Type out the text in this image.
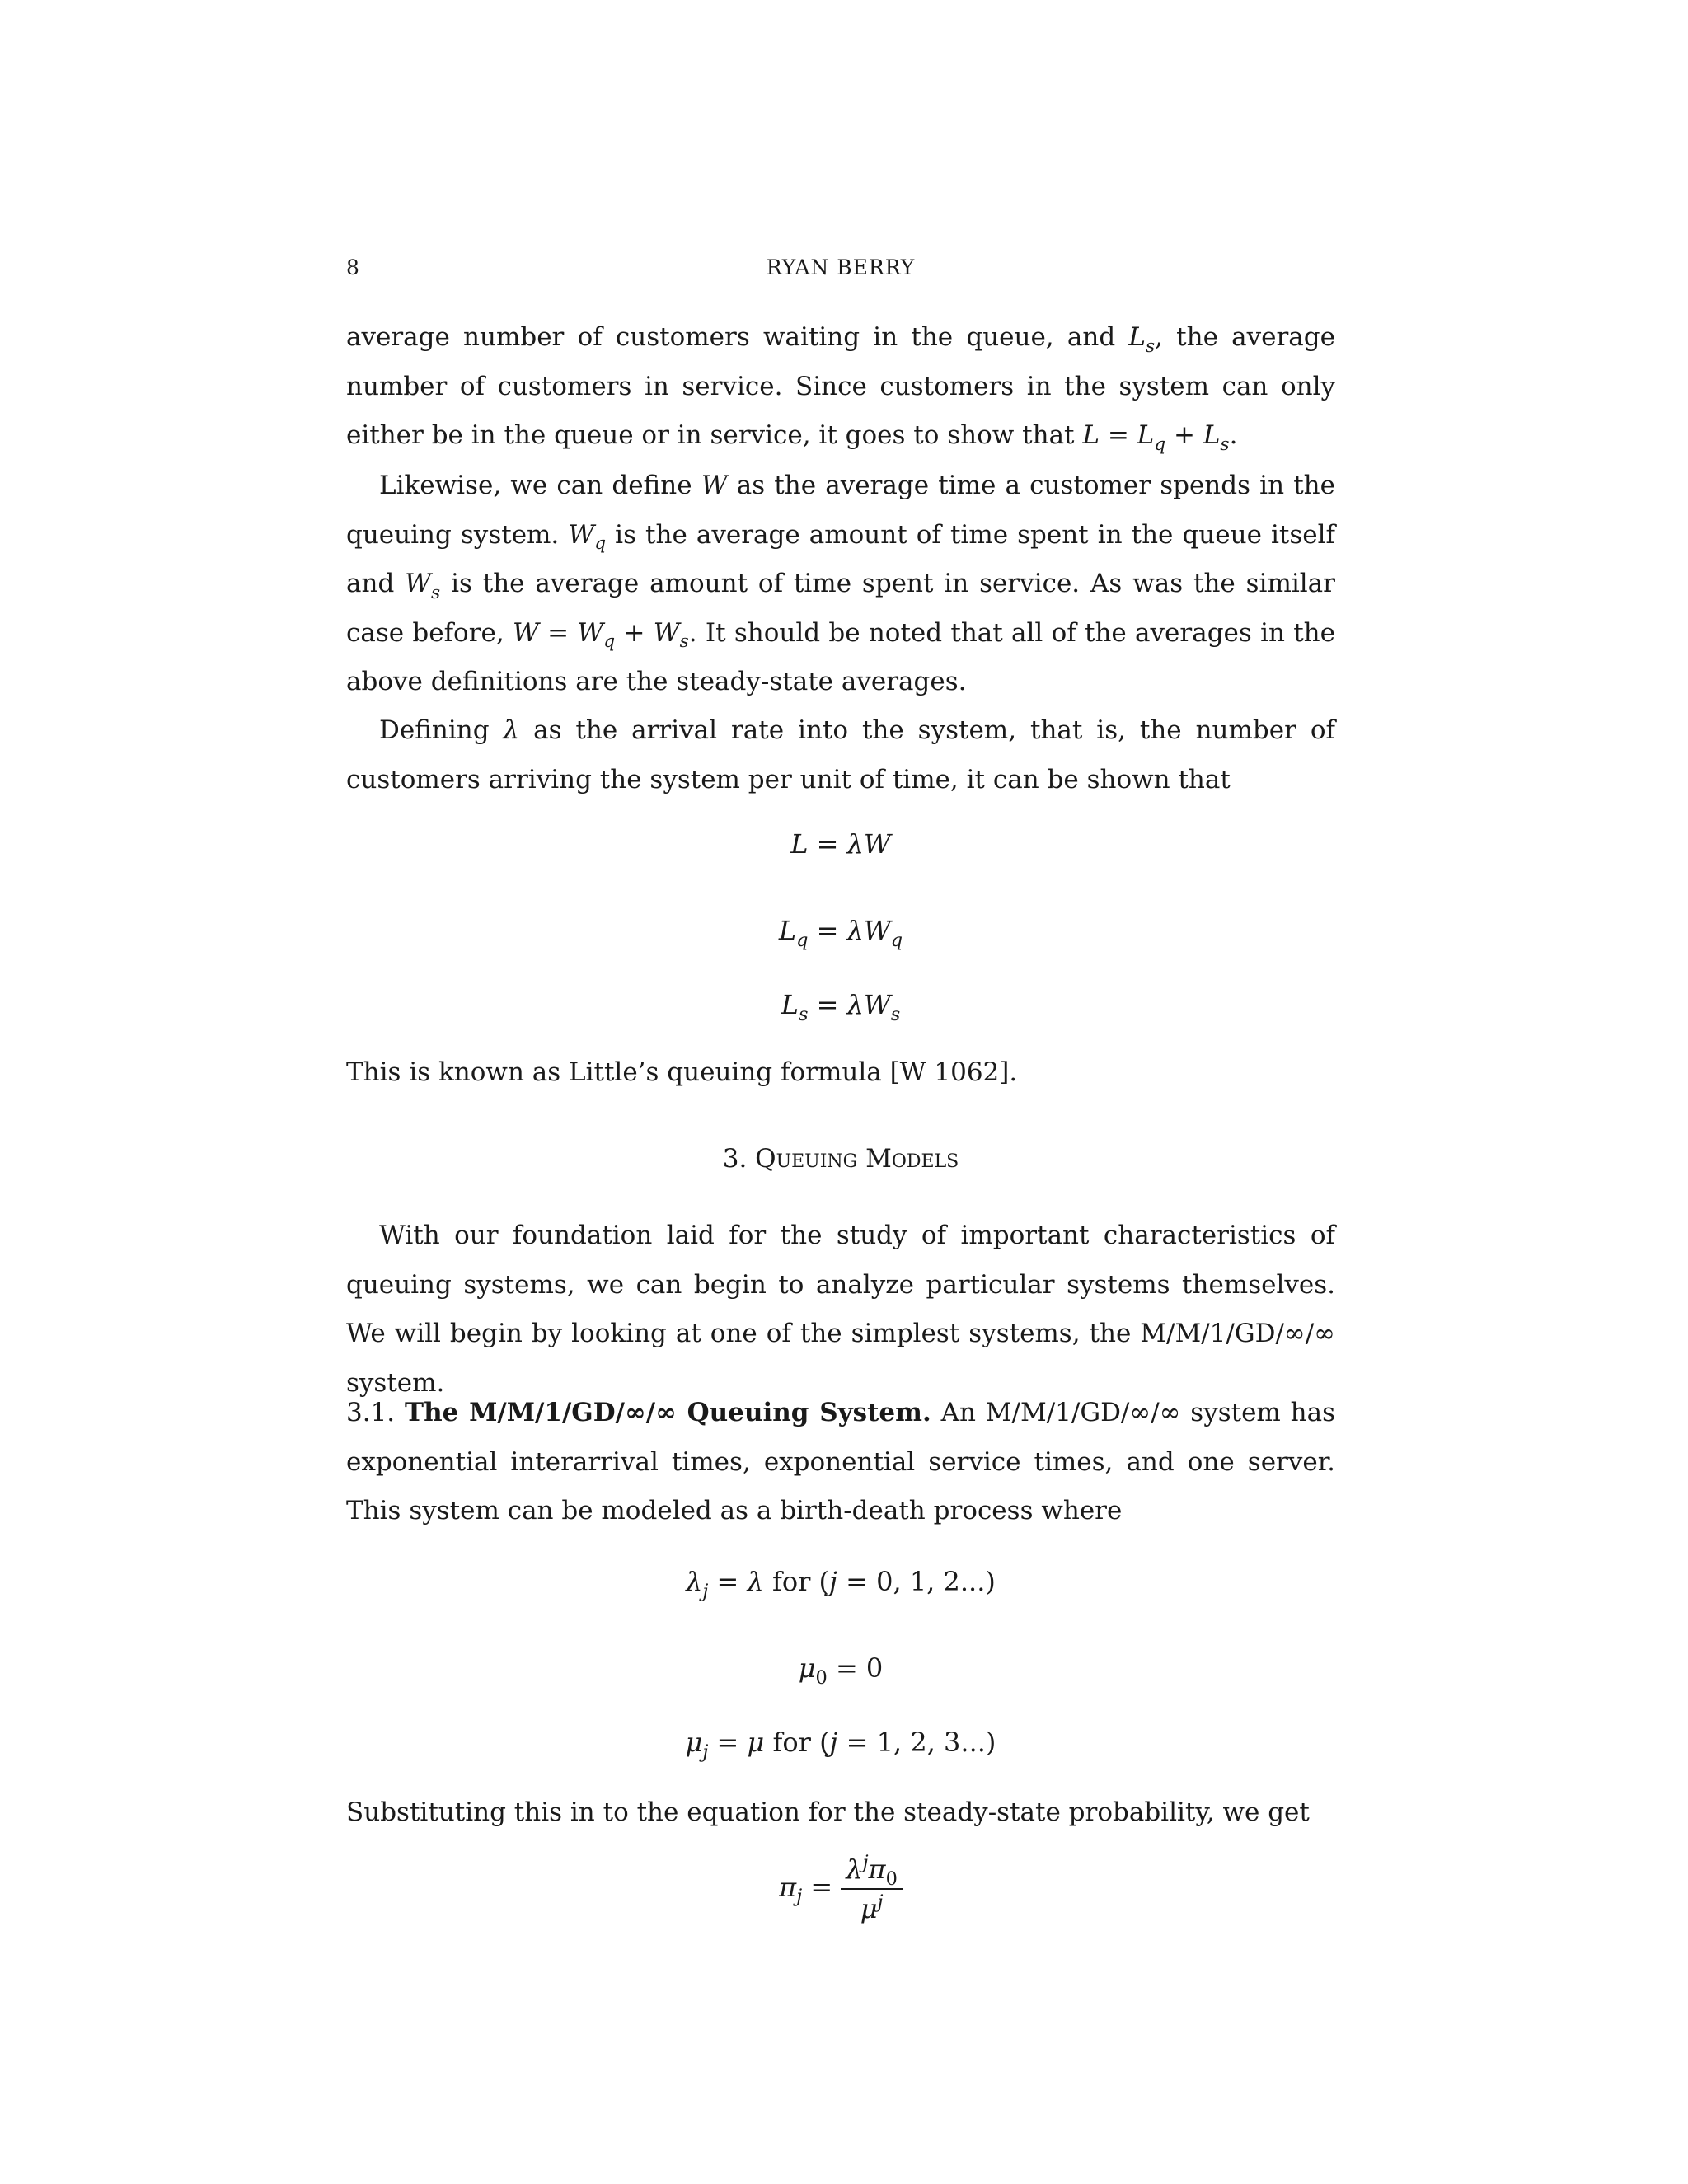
8	RYAN BERRY

average number of customers waiting in the queue, and $L_s$, the average number of customers in service. Since customers in the system can only either be in the queue or in service, it goes to show that $L = L_q + L_s$.

Likewise, we can define W as the average time a customer spends in the queuing system. $W_q$ is the average amount of time spent in the queue itself and $W_s$ is the average amount of time spent in service. As was the similar case before, $W = W_q + W_s$. It should be noted that all of the averages in the above definitions are the steady-state averages.

Defining λ as the arrival rate into the system, that is, the number of customers arriving the system per unit of time, it can be shown that

L = λW

$L_q = \lambda W_q$

$L_s = \lambda W_s$

This is known as Little’s queuing formula [W 1062].

3. Queuing Models

With our foundation laid for the study of important characteristics of queuing systems, we can begin to analyze particular systems themselves. We will begin by looking at one of the simplest systems, the M/M/1/GD/∞/∞ system.

3.1. The M/M/1/GD/∞/∞ Queuing System. An M/M/1/GD/∞/∞ system has exponential interarrival times, exponential service times, and one server. This system can be modeled as a birth-death process where

$\lambda_j = \lambda$ for (j = 0, 1, 2...)

$\mu_0 = 0$

$\mu_j = \mu$ for (j = 1, 2, 3...)

Substituting this in to the equation for the steady-state probability, we get

$\pi_j = \frac{\lambda^j\pi_0}{\mu^j}$
